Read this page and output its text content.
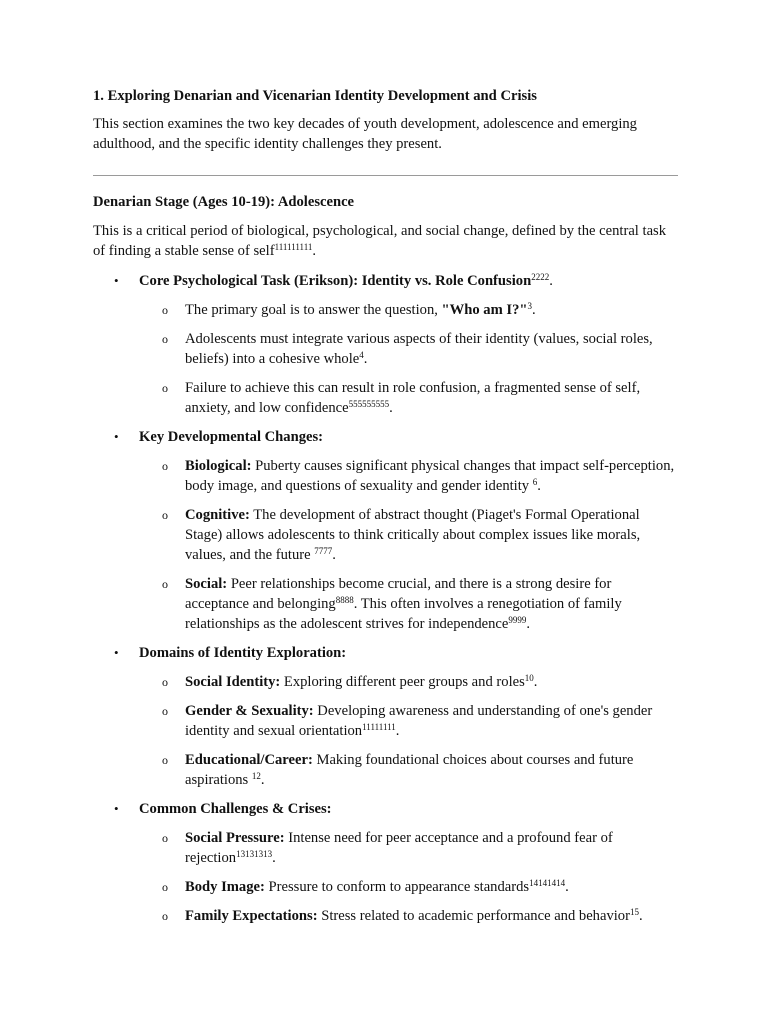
1. Exploring Denarian and Vicenarian Identity Development and Crisis

This section examines the two key decades of youth development, adolescence and emerging adulthood, and the specific identity challenges they present.

Denarian Stage (Ages 10-19): Adolescence

This is a critical period of biological, psychological, and social change, defined by the central task of finding a stable sense of self$^{111111111}$.

• Core Psychological Task (Erikson): Identity vs. Role Confusion$^{2222}$.
o The primary goal is to answer the question, "Who am I?"$^3$.
o Adolescents must integrate various aspects of their identity (values, social roles, beliefs) into a cohesive whole$^4$.
o Failure to achieve this can result in role confusion, a fragmented sense of self, anxiety, and low confidence$^{555555555}$.
• Key Developmental Changes:
o Biological: Puberty causes significant physical changes that impact self-perception, body image, and questions of sexuality and gender identity $^6$.
o Cognitive: The development of abstract thought (Piaget's Formal Operational Stage) allows adolescents to think critically about complex issues like morals, values, and the future $^{7777}$.
o Social: Peer relationships become crucial, and there is a strong desire for acceptance and belonging$^{8888}$. This often involves a renegotiation of family relationships as the adolescent strives for independence$^{9999}$.
• Domains of Identity Exploration:
o Social Identity: Exploring different peer groups and roles$^{10}$.
o Gender & Sexuality: Developing awareness and understanding of one's gender identity and sexual orientation$^{11111111}$.
o Educational/Career: Making foundational choices about courses and future aspirations $^{12}$.
• Common Challenges & Crises:
o Social Pressure: Intense need for peer acceptance and a profound fear of rejection$^{13131313}$.
o Body Image: Pressure to conform to appearance standards$^{14141414}$.
o Family Expectations: Stress related to academic performance and behavior$^{15}$.
